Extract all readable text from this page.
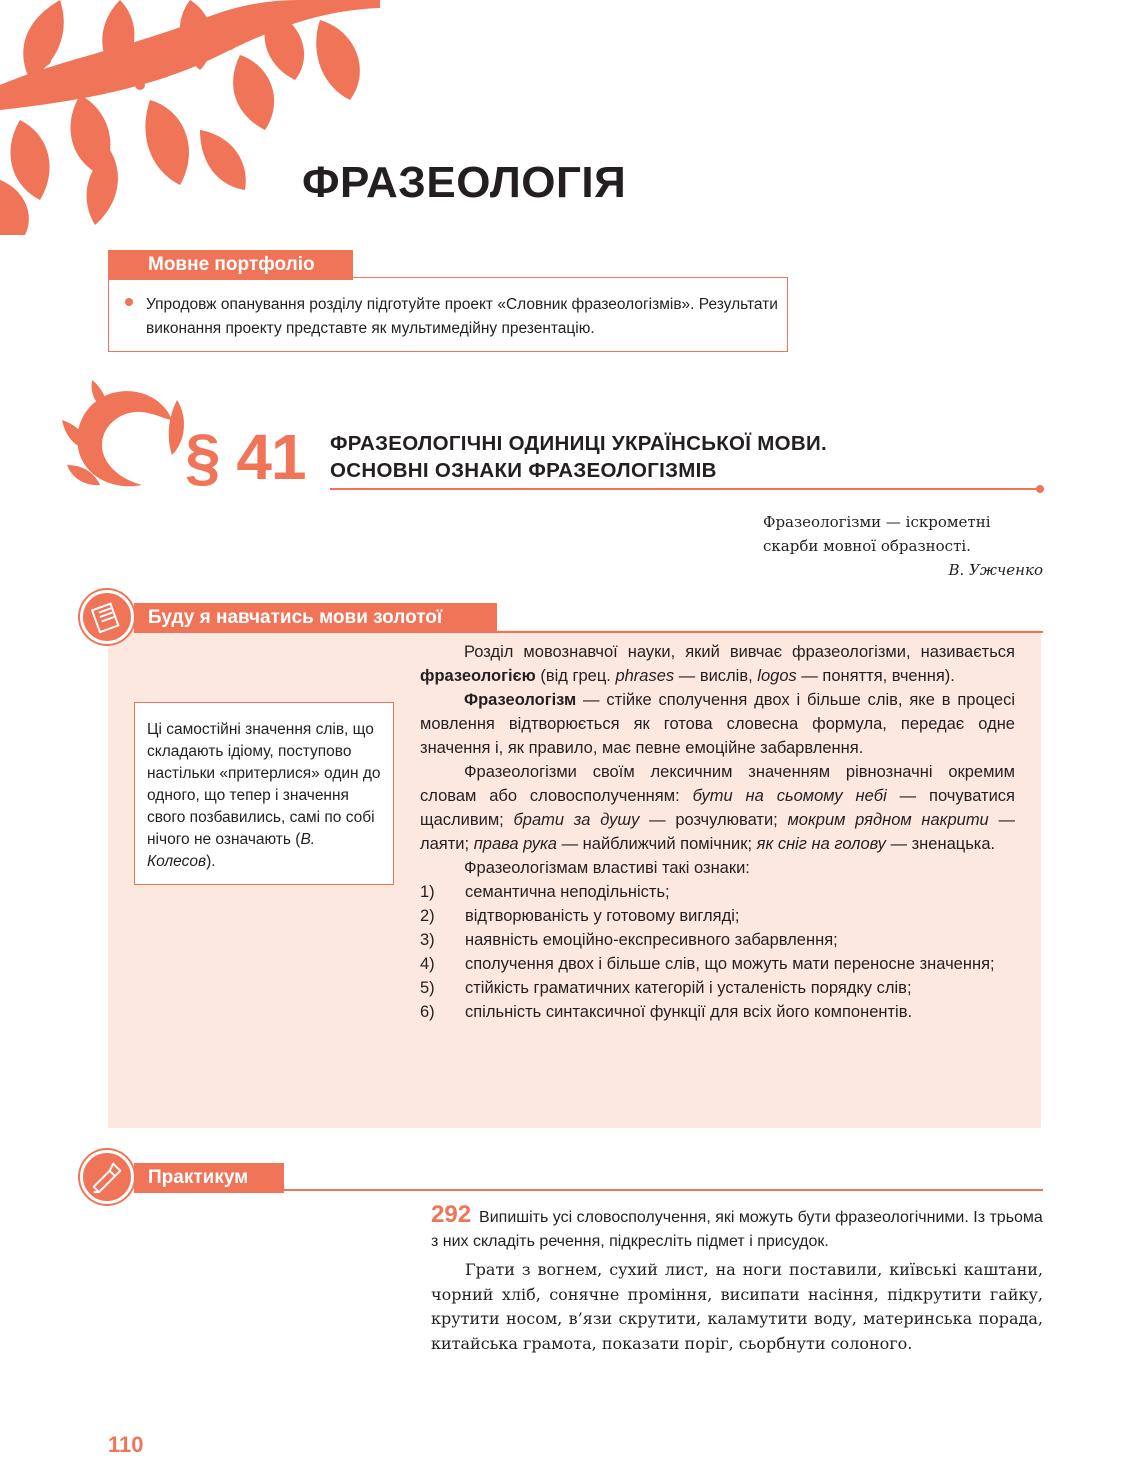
ФРАЗЕОЛОГІЯ
Мовне портфоліо
Упродовж опанування розділу підготуйте проект «Словник фразеологізмів». Результати виконання проекту представте як мультимедійну презентацію.
§ 41 ФРАЗЕОЛОГІЧНІ ОДИНИЦІ УКРАЇНСЬКОЇ МОВИ.
ОСНОВНІ ОЗНАКИ ФРАЗЕОЛОГІЗМІВ
Фразеологізми — іскрометні
скарби мовної образності.
В. Ужченко
Буду я навчатись мови золотої
Ці самостійні значення слів, що складають ідіому, поступово настільки «притерлися» один до одного, що тепер і значення свого позбавились, самі по собі нічого не означають (В. Колесов).

Розділ мовознавчої науки, який вивчає фразеологізми, називається фразеологією (від грец. phrases — вислів, logos — поняття, вчення).

Фразеологізм — стійке сполучення двох і більше слів, яке в процесі мовлення відтворюється як готова словесна формула, передає одне значення і, як правило, має певне емоційне забарвлення.

Фразеологізми своїм лексичним значенням рівнозначні окремим словам або словосполученням: бути на сьомому небі — почуватися щасливим; брати за душу — розчулювати; мокрим рядном накрити — лаяти; права рука — найближчий помічник; як сніг на голову — зненацька.

Фразеологізмам властиві такі ознаки:

1) семантична неподільність;
2) відтворюваність у готовому вигляді;
3) наявність емоційно-експресивного забарвлення;
4) сполучення двох і більше слів, що можуть мати переносне значення;
5) стійкість граматичних категорій і усталеність порядку слів;
6) спільність синтаксичної функції для всіх його компонентів.
Практикум
292 Випишіть усі словосполучення, які можуть бути фразеологічними. Із трьома з них складіть речення, підкресліть підмет і присудок.
Грати з вогнем, сухий лист, на ноги поставили, київські каштани, чорний хліб, сонячне проміння, висипати насіння, підкрутити гайку, крутити носом, в’язи скрутити, каламутити воду, материнська порада, китайська грамота, показати поріг, сьорбнути солоного.
110
